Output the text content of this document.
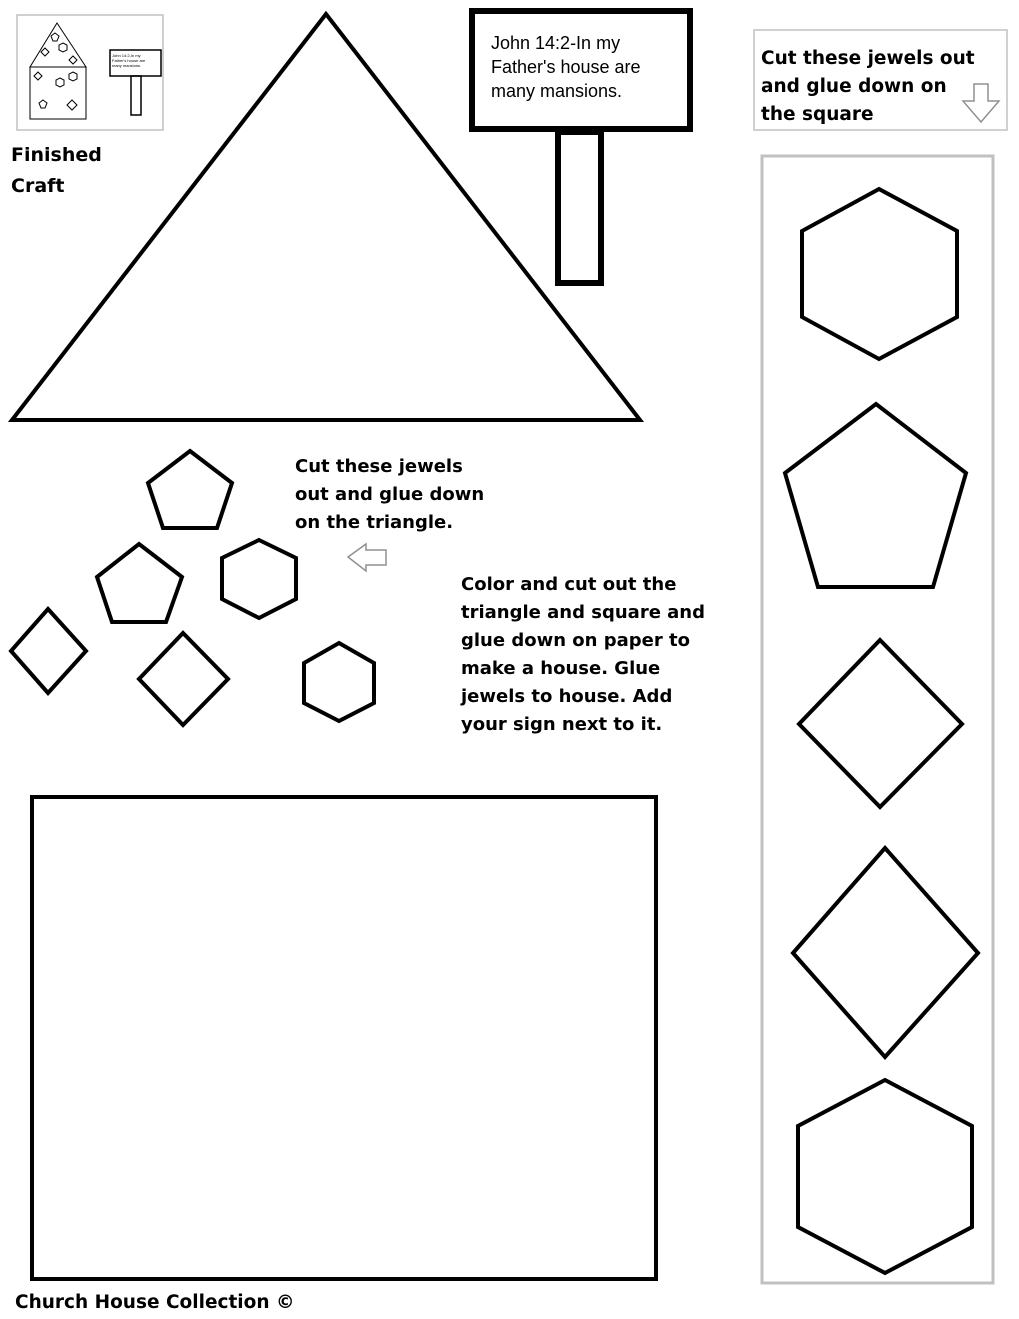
Finished
Craft
John 14:2-In my
Father's house are
many mansions.
John 14:2-In my
Father's house are
many mansions.
Cut these jewels out
and glue down on
the square
Cut these jewels
out and glue down
on the triangle.
Color and cut out the
triangle and square and
glue down on paper to
make a house. Glue
jewels to house. Add
your sign next to it.
Church House Collection ©
